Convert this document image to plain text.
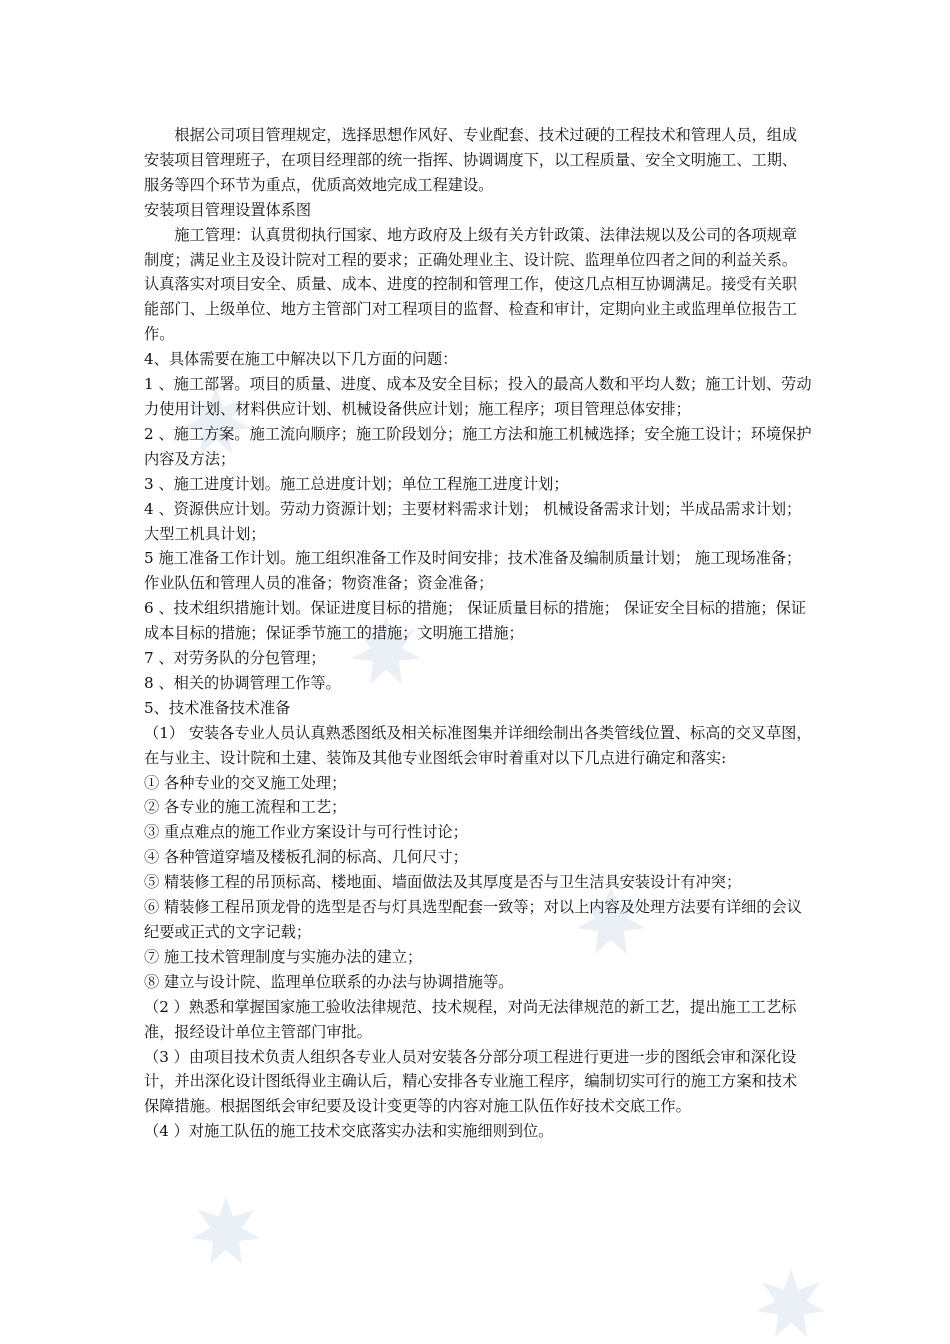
根据公司项目管理规定，选择思想作风好、专业配套、技术过硬的工程技术和管理人员，组成安装项目管理班子，在项目经理部的统一指挥、协调调度下，以工程质量、安全文明施工、工期、服务等四个环节为重点，优质高效地完成工程建设。

安装项目管理设置体系图

施工管理：认真贯彻执行国家、地方政府及上级有关方针政策、法律法规以及公司的各项规章制度；满足业主及设计院对工程的要求；正确处理业主、设计院、监理单位四者之间的利益关系。认真落实对项目安全、质量、成本、进度的控制和管理工作，使这几点相互协调满足。接受有关职能部门、上级单位、地方主管部门对工程项目的监督、检查和审计，定期向业主或监理单位报告工作。

4、具体需要在施工中解决以下几方面的问题：

1 、施工部署。项目的质量、进度、成本及安全目标；投入的最高人数和平均人数；施工计划、劳动力使用计划、材料供应计划、机械设备供应计划；施工程序；项目管理总体安排；

2 、施工方案。施工流向顺序；施工阶段划分；施工方法和施工机械选择；安全施工设计；环境保护内容及方法；

3 、施工进度计划。施工总进度计划；单位工程施工进度计划；

4 、资源供应计划。劳动力资源计划；主要材料需求计划； 机械设备需求计划；半成品需求计划；大型工机具计划；

5 施工准备工作计划。施工组织准备工作及时间安排；技术准备及编制质量计划； 施工现场准备；作业队伍和管理人员的准备；物资准备；资金准备；

6 、技术组织措施计划。保证进度目标的措施； 保证质量目标的措施； 保证安全目标的措施；保证成本目标的措施；保证季节施工的措施；文明施工措施；

7 、对劳务队的分包管理；

8 、相关的协调管理工作等。

5、技术准备技术准备

（1） 安装各专业人员认真熟悉图纸及相关标准图集并详细绘制出各类管线位置、标高的交叉草图，在与业主、设计院和土建、装饰及其他专业图纸会审时着重对以下几点进行确定和落实:

① 各种专业的交叉施工处理；

② 各专业的施工流程和工艺；

③ 重点难点的施工作业方案设计与可行性讨论；

④ 各种管道穿墙及楼板孔洞的标高、几何尺寸；

⑤ 精装修工程的吊顶标高、楼地面、墙面做法及其厚度是否与卫生洁具安装设计有冲突；

⑥ 精装修工程吊顶龙骨的选型是否与灯具选型配套一致等；对以上内容及处理方法要有详细的会议纪要或正式的文字记载；

⑦ 施工技术管理制度与实施办法的建立；

⑧ 建立与设计院、监理单位联系的办法与协调措施等。

（2 ）熟悉和掌握国家施工验收法律规范、技术规程，对尚无法律规范的新工艺，提出施工工艺标准，报经设计单位主管部门审批。

（3 ）由项目技术负责人组织各专业人员对安装各分部分项工程进行更进一步的图纸会审和深化设计，并出深化设计图纸得业主确认后，精心安排各专业施工程序，编制切实可行的施工方案和技术保障措施。根据图纸会审纪要及设计变更等的内容对施工队伍作好技术交底工作。

（4 ）对施工队伍的施工技术交底落实办法和实施细则到位。
